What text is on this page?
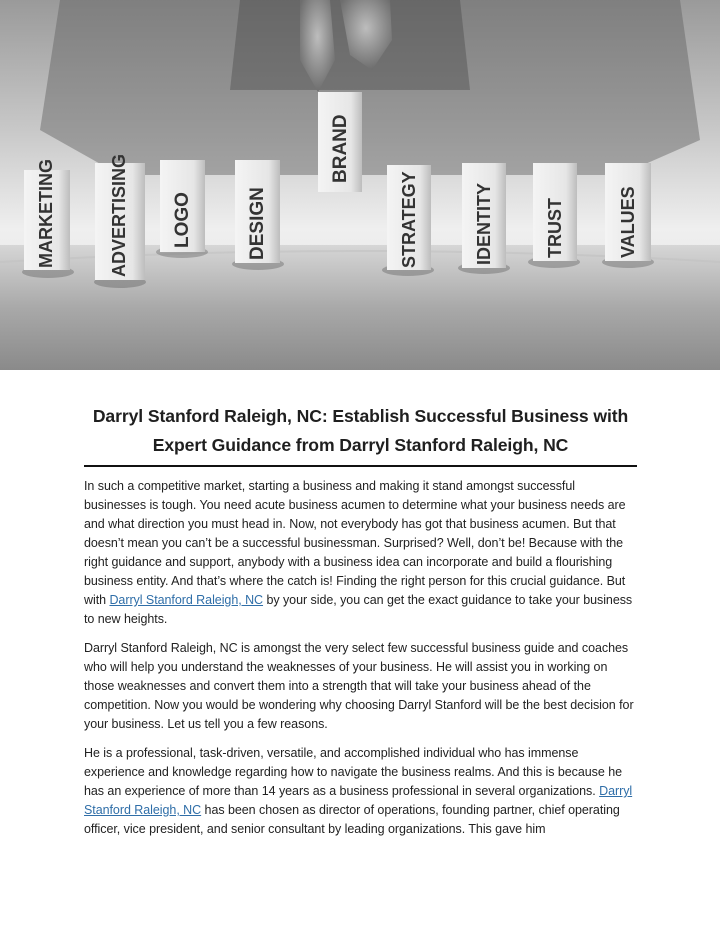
MARKETING	ADVERTISING LOGO	DESIGN
BRAND
STRATEGY	IDENTITY	TRUST	VALUES
Darryl Stanford Raleigh, NC: Establish Successful Business with
Expert Guidance from Darryl Stanford Raleigh, NC

In such a competitive market, starting a business and making it stand amongst successful businesses is tough. You need acute business acumen to determine what your business needs are and what direction you must head in. Now, not everybody has got that business acumen. But that doesn’t mean you can’t be a successful businessman. Surprised? Well, don’t be! Because with the right guidance and support, anybody with a business idea can incorporate and build a flourishing business entity. And that’s where the catch is! Finding the right person for this crucial guidance. But with Darryl Stanford Raleigh, NC by your side, you can get the exact guidance to take your business to new heights.

Darryl Stanford Raleigh, NC is amongst the very select few successful business guide and coaches who will help you understand the weaknesses of your business. He will assist you in working on those weaknesses and convert them into a strength that will take your business ahead of the competition. Now you would be wondering why choosing Darryl Stanford will be the best decision for your business. Let us tell you a few reasons.

He is a professional, task-driven, versatile, and accomplished individual who has immense experience and knowledge regarding how to navigate the business realms. And this is because he has an experience of more than 14 years as a business professional in several organizations. Darryl Stanford Raleigh, NC has been chosen as director of operations, founding partner, chief operating officer, vice president, and senior consultant by leading organizations. This gave him
